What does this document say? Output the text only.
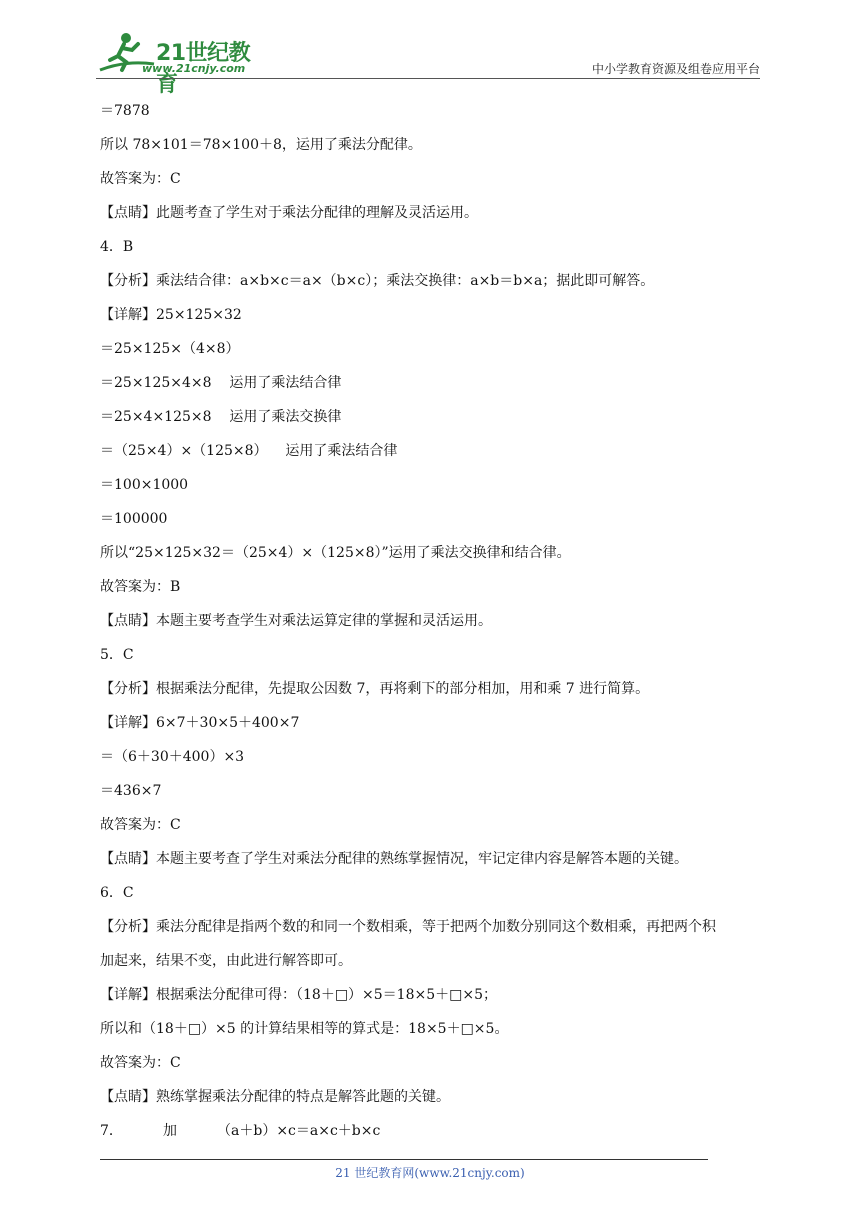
21世纪教育
www.21cnjy.com	中小学教育资源及组卷应用平台

＝7878

所以 78×101＝78×100＋8，运用了乘法分配律。

故答案为：C

【点睛】此题考查了学生对于乘法分配律的理解及灵活运用。

4．B

【分析】乘法结合律：a×b×c＝a×（b×c）；乘法交换律：a×b＝b×a；据此即可解答。

【详解】25×125×32

＝25×125×（4×8）

＝25×125×4×8    运用了乘法结合律

＝25×4×125×8    运用了乘法交换律

＝（25×4）×（125×8）    运用了乘法结合律

＝100×1000

＝100000

所以“25×125×32＝（25×4）×（125×8）”运用了乘法交换律和结合律。

故答案为：B

【点睛】本题主要考查学生对乘法运算定律的掌握和灵活运用。

5．C

【分析】根据乘法分配律，先提取公因数 7，再将剩下的部分相加，用和乘 7 进行简算。

【详解】6×7＋30×5＋400×7

＝（6＋30＋400）×3

＝436×7

故答案为：C

【点睛】本题主要考查了学生对乘法分配律的熟练掌握情况，牢记定律内容是解答本题的关键。

6．C

【分析】乘法分配律是指两个数的和同一个数相乘，等于把两个加数分别同这个数相乘，再把两个积

加起来，结果不变，由此进行解答即可。

【详解】根据乘法分配律可得：（18＋□）×5＝18×5＋□×5；

所以和（18＋□）×5 的计算结果相等的算式是：18×5＋□×5。

故答案为：C

【点睛】熟练掌握乘法分配律的特点是解答此题的关键。

7．         加         （a＋b）×c＝a×c＋b×c

21 世纪教育网(www.21cnjy.com)
